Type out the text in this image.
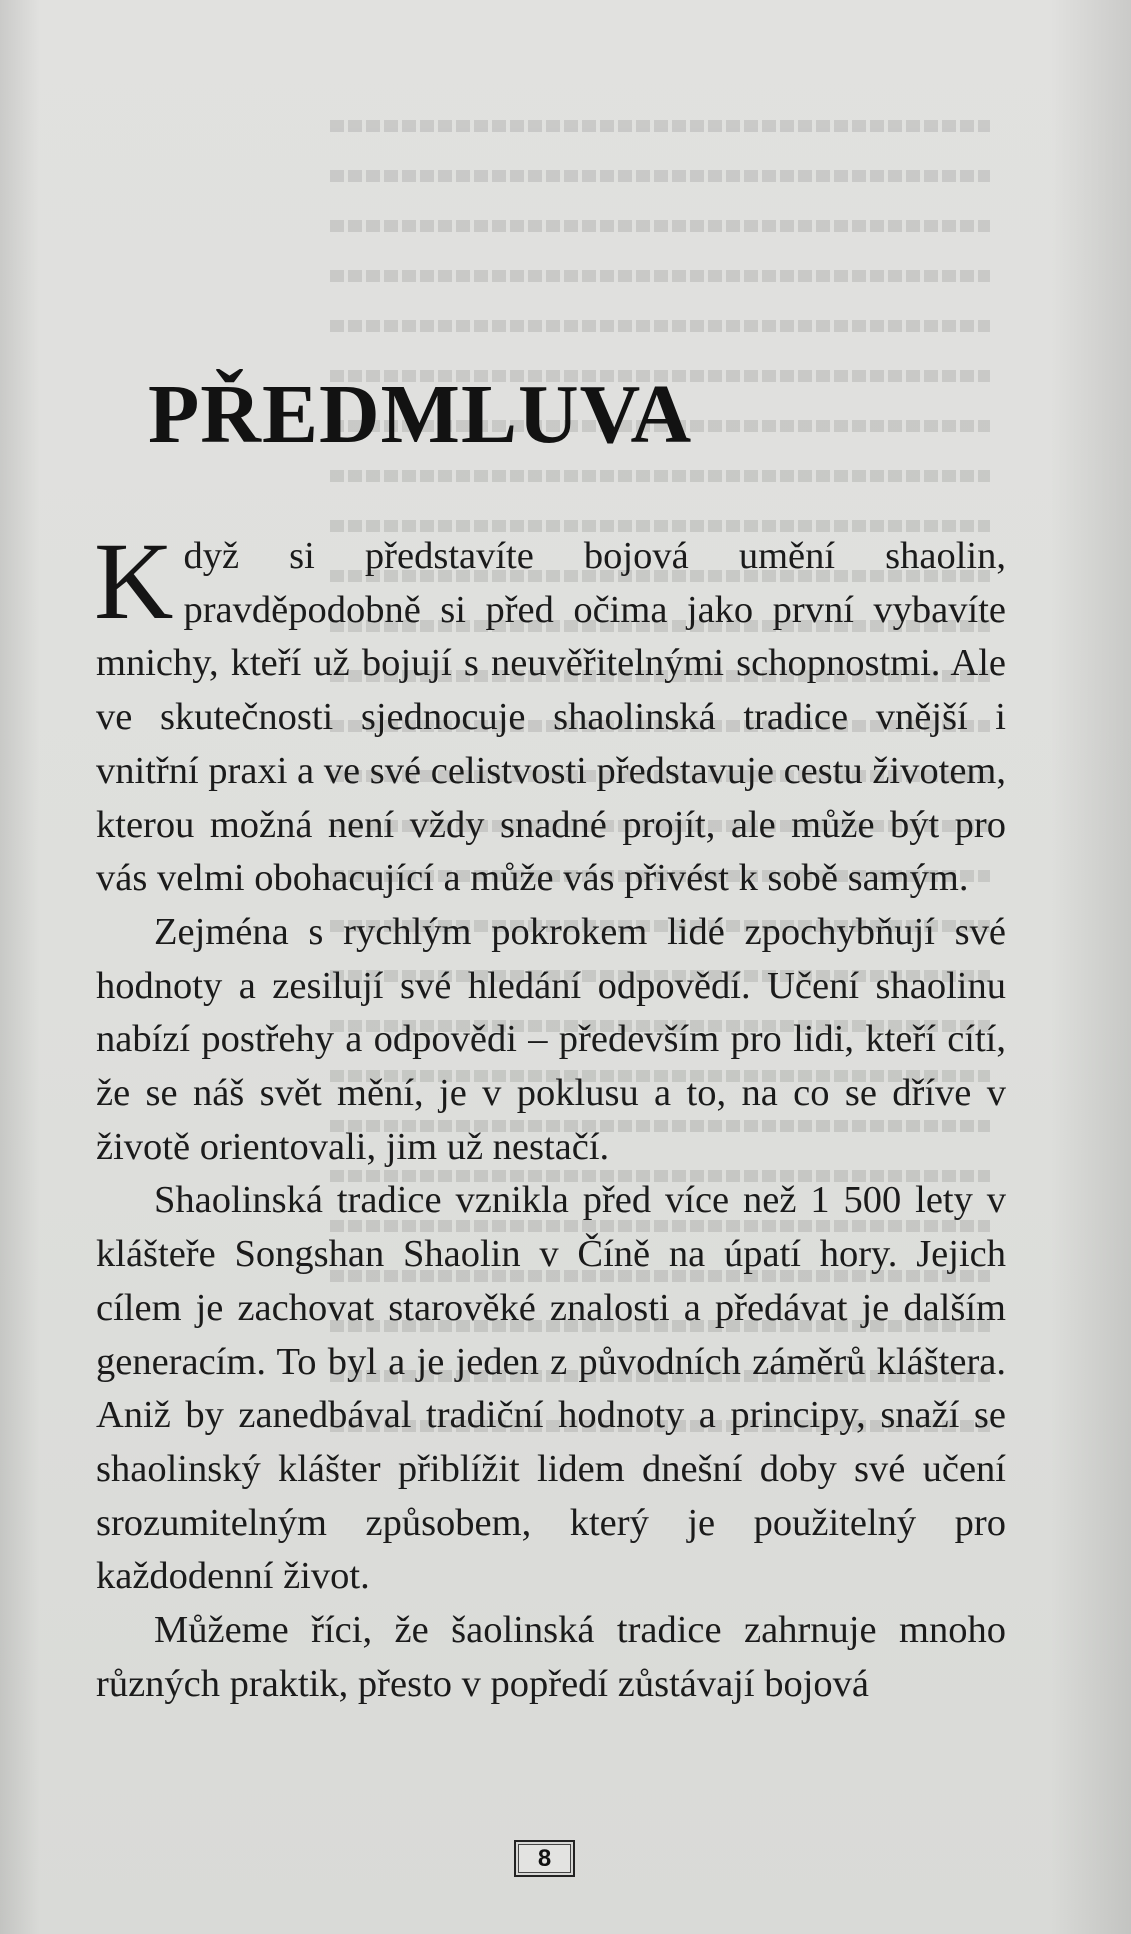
PŘEDMLUVA

Když si představíte bojová umění shaolin, pravděpodobně si před očima jako první vybavíte mnichy, kteří už bojují s neuvěřitelnými schopnostmi. Ale ve skutečnosti sjednocuje shaolinská tradice vnější i vnitřní praxi a ve své celistvosti představuje cestu životem, kterou možná není vždy snadné projít, ale může být pro vás velmi obohacující a může vás přivést k sobě samým.

Zejména s rychlým pokrokem lidé zpochybňují své hodnoty a zesilují své hledání odpovědí. Učení shaolinu nabízí postřehy a odpovědi – především pro lidi, kteří cítí, že se náš svět mění, je v poklusu a to, na co se dříve v životě orientovali, jim už nestačí.

Shaolinská tradice vznikla před více než 1 500 lety v klášteře Songshan Shaolin v Číně na úpatí hory. Jejich cílem je zachovat starověké znalosti a předávat je dalším generacím. To byl a je jeden z původních záměrů kláštera. Aniž by zanedbával tradiční hodnoty a principy, snaží se shaolinský klášter přiblížit lidem dnešní doby své učení srozumitelným způsobem, který je použitelný pro každodenní život.

Můžeme říci, že šaolinská tradice zahrnuje mnoho různých praktik, přesto v popředí zůstávají bojová

8
